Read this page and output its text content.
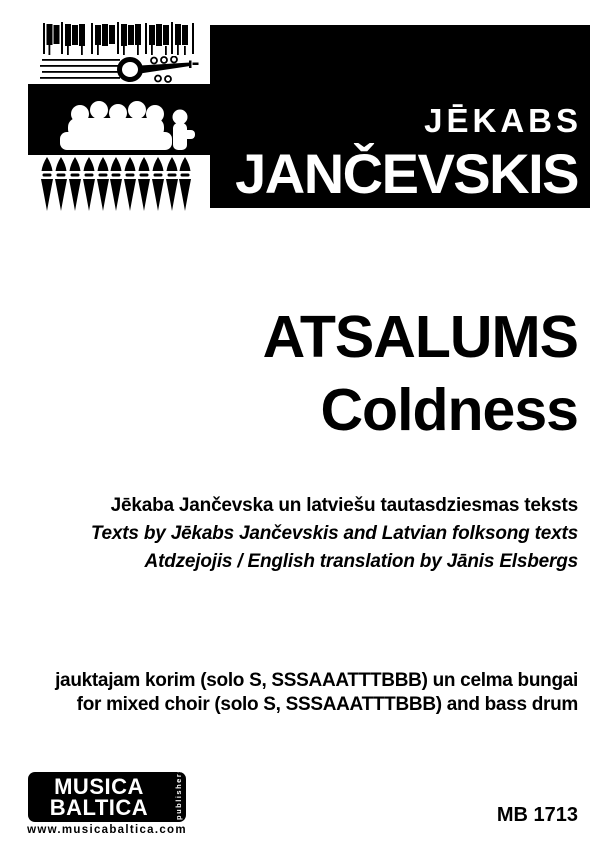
JĒKABS
JANČEVSKIS
ATSALUMS
Coldness
Jēkaba Jančevska un latviešu tautasdziesmas teksts
Texts by Jēkabs Jančevskis and Latvian folksong texts
Atdzejojis / English translation by Jānis Elsbergs
jauktajam korim (solo S, SSSAAATTTBBB) un celma bungai
for mixed choir (solo S, SSSAAATTTBBB) and bass drum
MUSICA
BALTICA	publishers
www.musicabaltica.com
MB 1713
